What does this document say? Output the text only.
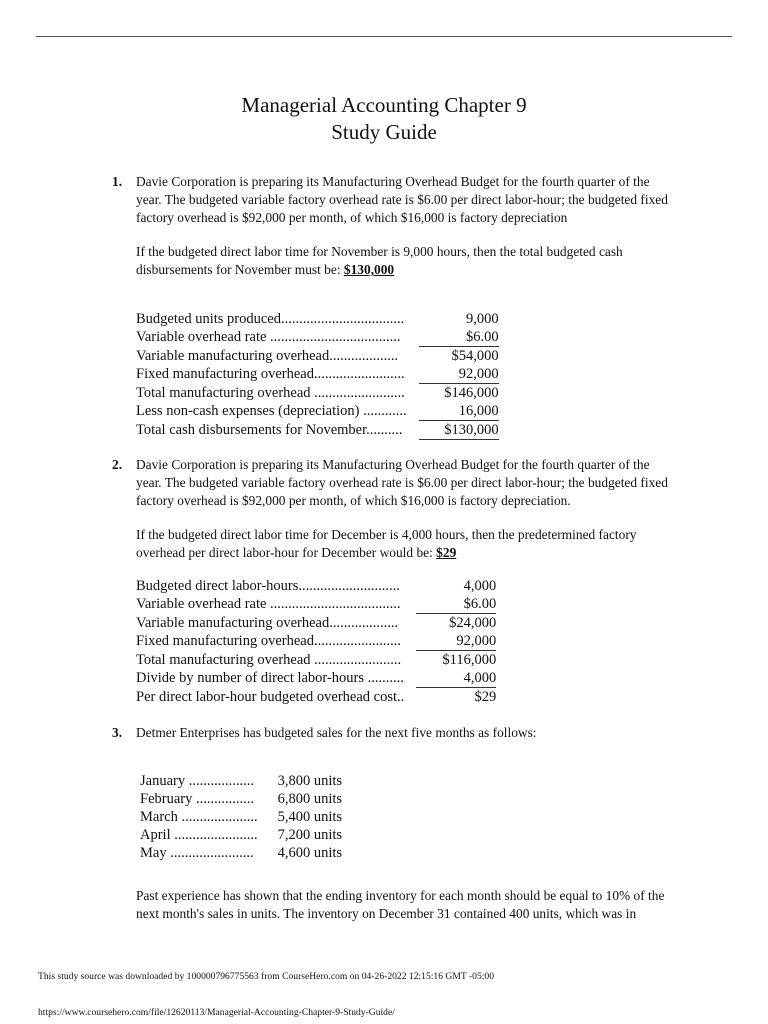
Managerial Accounting Chapter 9
Study Guide
1. Davie Corporation is preparing its Manufacturing Overhead Budget for the fourth quarter of the year. The budgeted variable factory overhead rate is $6.00 per direct labor-hour; the budgeted fixed factory overhead is $92,000 per month, of which $16,000 is factory depreciation
If the budgeted direct labor time for November is 9,000 hours, then the total budgeted cash disbursements for November must be: $130,000
Budgeted units produced..................................	9,000
Variable overhead rate ....................................	$6.00
Variable manufacturing overhead...................	$54,000
Fixed manufacturing overhead.........................	92,000
Total manufacturing overhead .........................	$146,000
Less non-cash expenses (depreciation) ............	16,000
Total cash disbursements for November..........	$130,000
2. Davie Corporation is preparing its Manufacturing Overhead Budget for the fourth quarter of the year. The budgeted variable factory overhead rate is $6.00 per direct labor-hour; the budgeted fixed factory overhead is $92,000 per month, of which $16,000 is factory depreciation.
If the budgeted direct labor time for December is 4,000 hours, then the predetermined factory overhead per direct labor-hour for December would be: $29
Budgeted direct labor-hours............................	4,000
Variable overhead rate ....................................	$6.00
Variable manufacturing overhead...................	$24,000
Fixed manufacturing overhead........................	92,000
Total manufacturing overhead ........................	$116,000
Divide by number of direct labor-hours ..........	4,000
Per direct labor-hour budgeted overhead cost..	$29
3. Detmer Enterprises has budgeted sales for the next five months as follows:
January ..................	3,800 units
February ................	6,800 units
March .....................	5,400 units
April .......................	7,200 units
May .......................	4,600 units
Past experience has shown that the ending inventory for each month should be equal to 10% of the next month's sales in units. The inventory on December 31 contained 400 units, which was in
This study source was downloaded by 100000796775563 from CourseHero.com on 04-26-2022 12:15:16 GMT -05:00
https://www.coursehero.com/file/12620113/Managerial-Accounting-Chapter-9-Study-Guide/
